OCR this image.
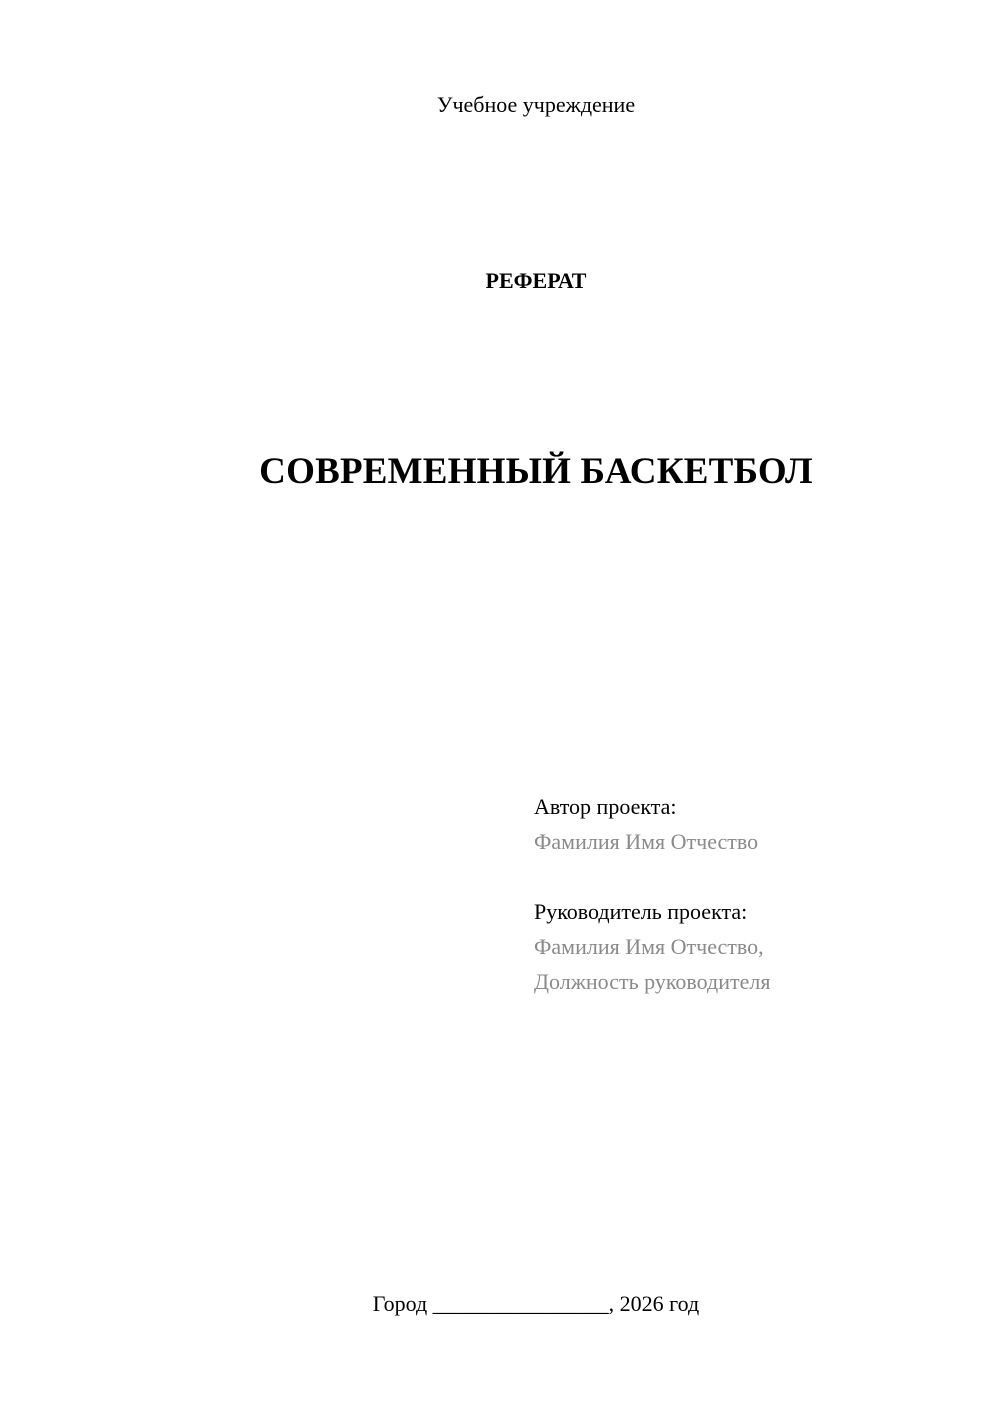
Учебное учреждение
РЕФЕРАТ
СОВРЕМЕННЫЙ БАСКЕТБОЛ
Автор проекта:
Фамилия Имя Отчество
Руководитель проекта:
Фамилия Имя Отчество,
Должность руководителя
Город ________________, 2026 год
